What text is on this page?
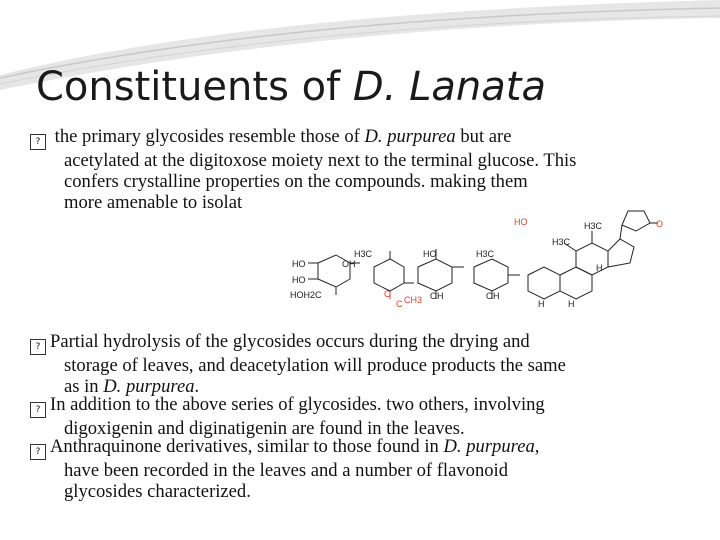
Constituents of D. Lanata
? the primary glycosides resemble those of D. purpurea but are
acetylated at the digitoxose moiety next to the terminal glucose. This
confers crystalline properties on the compounds. making them
more amenable to isolat
HO
HO
HOH2C
OH
H3C	HO	H3C
OH	OH
H3C
H3C
H
H
H
HO	O
O
CH3
C
? Partial hydrolysis of the glycosides occurs during the drying and
storage of leaves, and deacetylation will produce products the same
as in D. purpurea.
? In addition to the above series of glycosides. two others, involving
digoxigenin and diginatigenin are found in the leaves.
? Anthraquinone derivatives, similar to those found in D. purpurea,
have been recorded in the leaves and a number of flavonoid
glycosides characterized.
